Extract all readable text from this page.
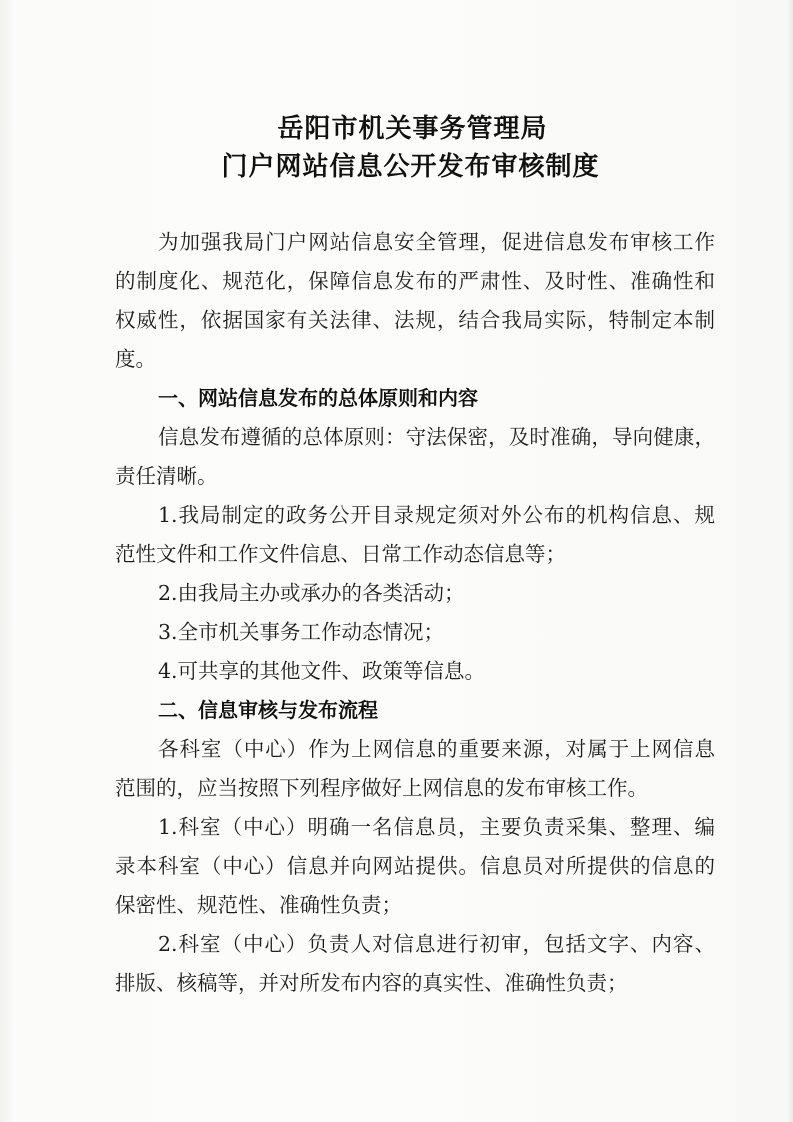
岳阳市机关事务管理局
门户网站信息公开发布审核制度
为加强我局门户网站信息安全管理，促进信息发布审核工作
的制度化、规范化，保障信息发布的严肃性、及时性、准确性和
权威性，依据国家有关法律、法规，结合我局实际，特制定本制
度。
一、网站信息发布的总体原则和内容
信息发布遵循的总体原则：守法保密，及时准确，导向健康，
责任清晰。
1.我局制定的政务公开目录规定须对外公布的机构信息、规
范性文件和工作文件信息、日常工作动态信息等；
2.由我局主办或承办的各类活动；
3.全市机关事务工作动态情况；
4.可共享的其他文件、政策等信息。
二、信息审核与发布流程
各科室（中心）作为上网信息的重要来源，对属于上网信息
范围的，应当按照下列程序做好上网信息的发布审核工作。
1.科室（中心）明确一名信息员，主要负责采集、整理、编
录本科室（中心）信息并向网站提供。信息员对所提供的信息的
保密性、规范性、准确性负责；
2.科室（中心）负责人对信息进行初审，包括文字、内容、
排版、核稿等，并对所发布内容的真实性、准确性负责；
